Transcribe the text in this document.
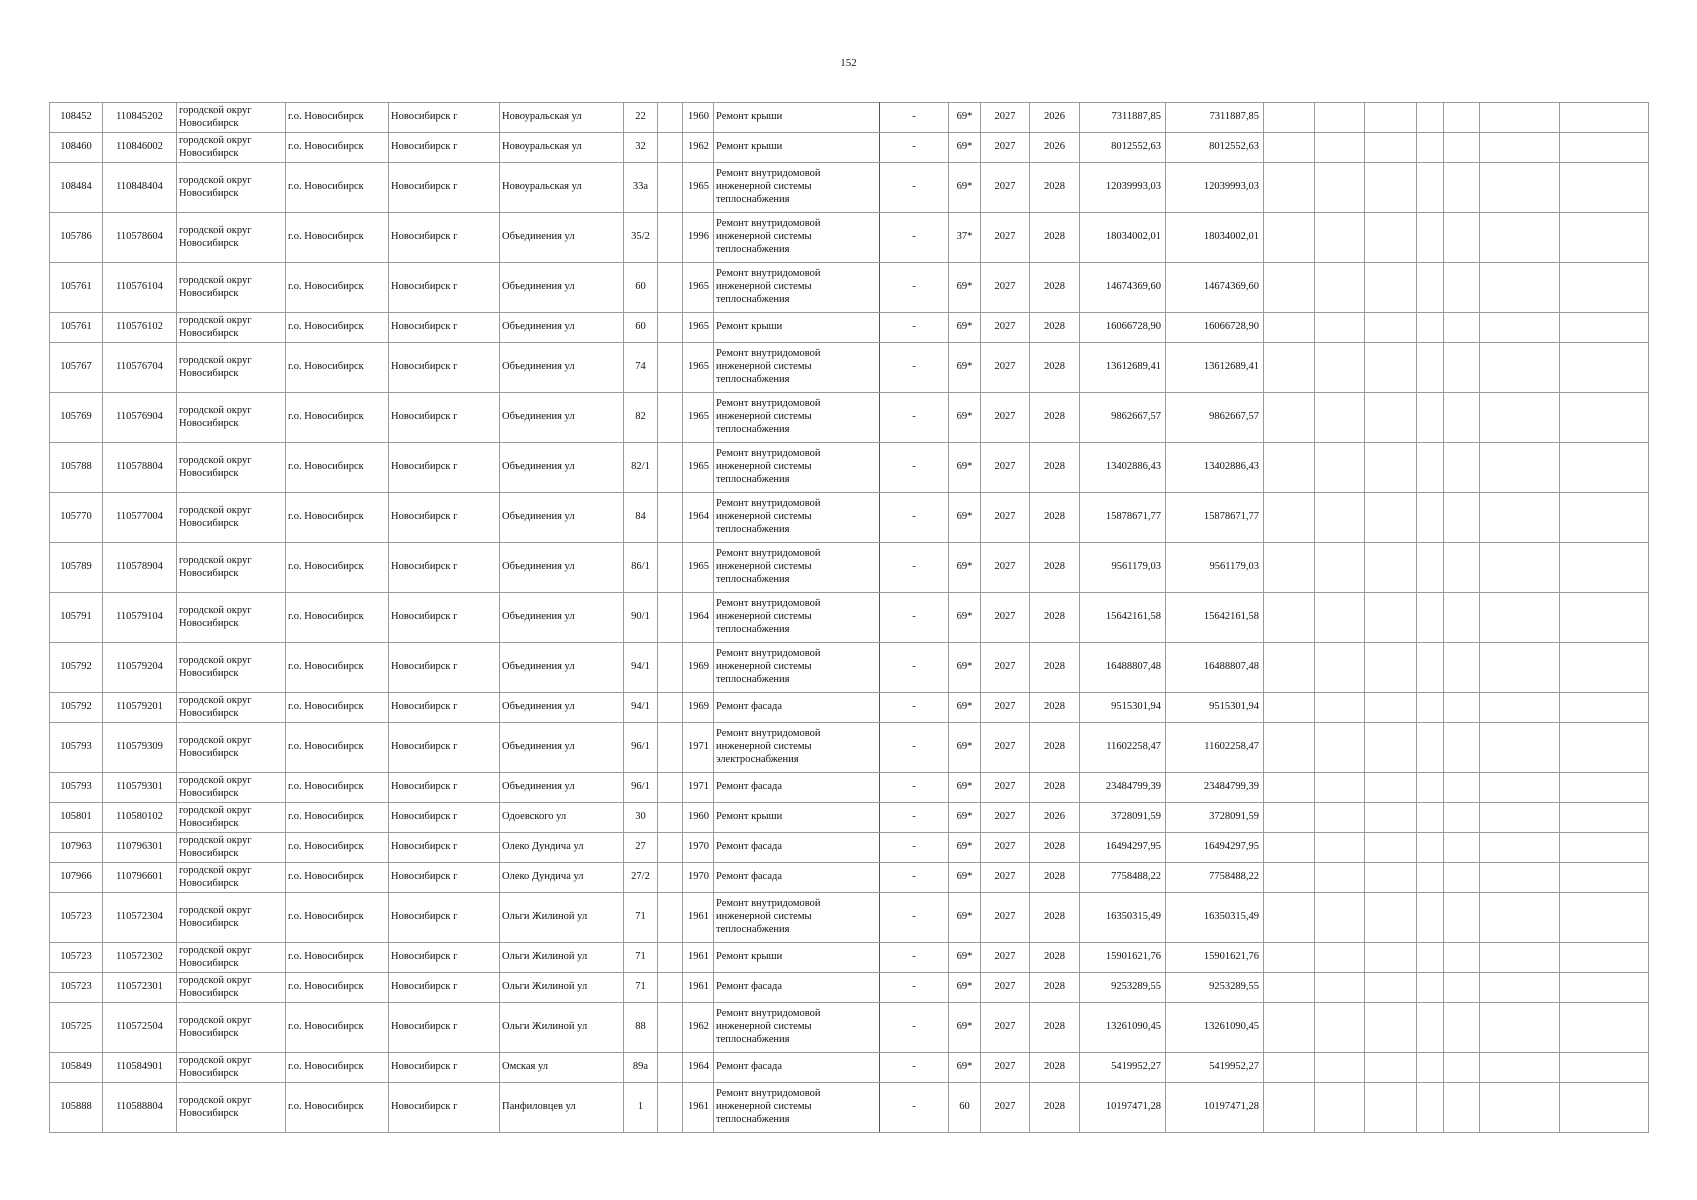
152
108452	110845202	городской округ Новосибирск	г.о. Новосибирск	Новосибирск г	Новоуральская ул	22		1960	Ремонт крыши	-	69*	2027	2026	7311887,85	7311887,85							
108460	110846002	городской округ Новосибирск	г.о. Новосибирск	Новосибирск г	Новоуральская ул	32		1962	Ремонт крыши	-	69*	2027	2026	8012552,63	8012552,63							
108484	110848404	городской округ Новосибирск	г.о. Новосибирск	Новосибирск г	Новоуральская ул	33а		1965	Ремонт внутридомовой инженерной системы теплоснабжения	-	69*	2027	2028	12039993,03	12039993,03							
105786	110578604	городской округ Новосибирск	г.о. Новосибирск	Новосибирск г	Объединения ул	35/2		1996	Ремонт внутридомовой инженерной системы теплоснабжения	-	37*	2027	2028	18034002,01	18034002,01							
105761	110576104	городской округ Новосибирск	г.о. Новосибирск	Новосибирск г	Объединения ул	60		1965	Ремонт внутридомовой инженерной системы теплоснабжения	-	69*	2027	2028	14674369,60	14674369,60							
105761	110576102	городской округ Новосибирск	г.о. Новосибирск	Новосибирск г	Объединения ул	60		1965	Ремонт крыши	-	69*	2027	2028	16066728,90	16066728,90							
105767	110576704	городской округ Новосибирск	г.о. Новосибирск	Новосибирск г	Объединения ул	74		1965	Ремонт внутридомовой инженерной системы теплоснабжения	-	69*	2027	2028	13612689,41	13612689,41							
105769	110576904	городской округ Новосибирск	г.о. Новосибирск	Новосибирск г	Объединения ул	82		1965	Ремонт внутридомовой инженерной системы теплоснабжения	-	69*	2027	2028	9862667,57	9862667,57							
105788	110578804	городской округ Новосибирск	г.о. Новосибирск	Новосибирск г	Объединения ул	82/1		1965	Ремонт внутридомовой инженерной системы теплоснабжения	-	69*	2027	2028	13402886,43	13402886,43							
105770	110577004	городской округ Новосибирск	г.о. Новосибирск	Новосибирск г	Объединения ул	84		1964	Ремонт внутридомовой инженерной системы теплоснабжения	-	69*	2027	2028	15878671,77	15878671,77							
105789	110578904	городской округ Новосибирск	г.о. Новосибирск	Новосибирск г	Объединения ул	86/1		1965	Ремонт внутридомовой инженерной системы теплоснабжения	-	69*	2027	2028	9561179,03	9561179,03							
105791	110579104	городской округ Новосибирск	г.о. Новосибирск	Новосибирск г	Объединения ул	90/1		1964	Ремонт внутридомовой инженерной системы теплоснабжения	-	69*	2027	2028	15642161,58	15642161,58							
105792	110579204	городской округ Новосибирск	г.о. Новосибирск	Новосибирск г	Объединения ул	94/1		1969	Ремонт внутридомовой инженерной системы теплоснабжения	-	69*	2027	2028	16488807,48	16488807,48							
105792	110579201	городской округ Новосибирск	г.о. Новосибирск	Новосибирск г	Объединения ул	94/1		1969	Ремонт фасада	-	69*	2027	2028	9515301,94	9515301,94							
105793	110579309	городской округ Новосибирск	г.о. Новосибирск	Новосибирск г	Объединения ул	96/1		1971	Ремонт внутридомовой инженерной системы электроснабжения	-	69*	2027	2028	11602258,47	11602258,47							
105793	110579301	городской округ Новосибирск	г.о. Новосибирск	Новосибирск г	Объединения ул	96/1		1971	Ремонт фасада	-	69*	2027	2028	23484799,39	23484799,39							
105801	110580102	городской округ Новосибирск	г.о. Новосибирск	Новосибирск г	Одоевского ул	30		1960	Ремонт крыши	-	69*	2027	2026	3728091,59	3728091,59							
107963	110796301	городской округ Новосибирск	г.о. Новосибирск	Новосибирск г	Олеко Дундича ул	27		1970	Ремонт фасада	-	69*	2027	2028	16494297,95	16494297,95							
107966	110796601	городской округ Новосибирск	г.о. Новосибирск	Новосибирск г	Олеко Дундича ул	27/2		1970	Ремонт фасада	-	69*	2027	2028	7758488,22	7758488,22							
105723	110572304	городской округ Новосибирск	г.о. Новосибирск	Новосибирск г	Ольги Жилиной ул	71		1961	Ремонт внутридомовой инженерной системы теплоснабжения	-	69*	2027	2028	16350315,49	16350315,49							
105723	110572302	городской округ Новосибирск	г.о. Новосибирск	Новосибирск г	Ольги Жилиной ул	71		1961	Ремонт крыши	-	69*	2027	2028	15901621,76	15901621,76							
105723	110572301	городской округ Новосибирск	г.о. Новосибирск	Новосибирск г	Ольги Жилиной ул	71		1961	Ремонт фасада	-	69*	2027	2028	9253289,55	9253289,55							
105725	110572504	городской округ Новосибирск	г.о. Новосибирск	Новосибирск г	Ольги Жилиной ул	88		1962	Ремонт внутридомовой инженерной системы теплоснабжения	-	69*	2027	2028	13261090,45	13261090,45							
105849	110584901	городской округ Новосибирск	г.о. Новосибирск	Новосибирск г	Омская ул	89а		1964	Ремонт фасада	-	69*	2027	2028	5419952,27	5419952,27							
105888	110588804	городской округ Новосибирск	г.о. Новосибирск	Новосибирск г	Панфиловцев ул	1		1961	Ремонт внутридомовой инженерной системы теплоснабжения	-	60	2027	2028	10197471,28	10197471,28							
